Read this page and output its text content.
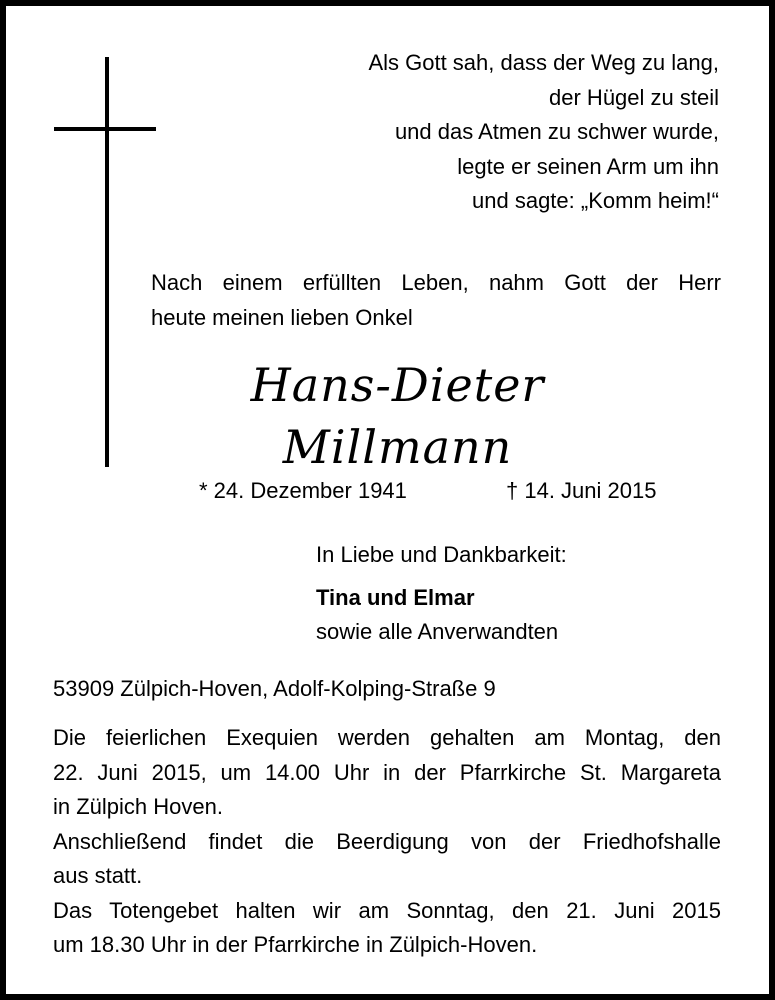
Als Gott sah, dass der Weg zu lang,
der Hügel zu steil
und das Atmen zu schwer wurde,
legte er seinen Arm um ihn
und sagte: „Komm heim!“
Nach einem erfüllten Leben, nahm Gott der Herr
heute meinen lieben Onkel
Hans-Dieter
Millmann
* 24. Dezember 1941	† 14. Juni 2015
In Liebe und Dankbarkeit:
Tina und Elmar
sowie alle Anverwandten
53909 Zülpich-Hoven, Adolf-Kolping-Straße 9
Die feierlichen Exequien werden gehalten am Montag, den
22. Juni 2015, um 14.00 Uhr in der Pfarrkirche St. Margareta
in Zülpich Hoven.
Anschließend findet die Beerdigung von der Friedhofshalle
aus statt.
Das Totengebet halten wir am Sonntag, den 21. Juni 2015
um 18.30 Uhr in der Pfarrkirche in Zülpich-Hoven.
